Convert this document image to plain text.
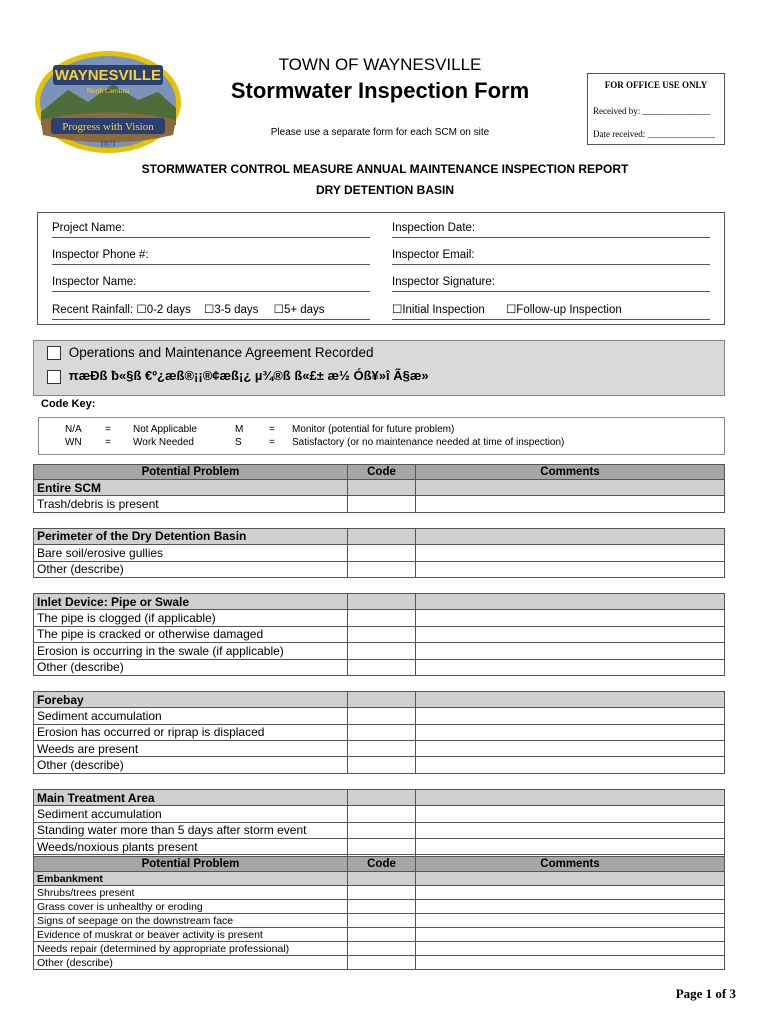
WAYNESVILLE
North Carolina
Progress with Vision
1871
TOWN OF WAYNESVILLE
Stormwater Inspection Form
Please use a separate form for each SCM on site
FOR OFFICE USE ONLY
Received by: _______________
Date received: _______________
STORMWATER CONTROL MEASURE ANNUAL MAINTENANCE INSPECTION REPORT
DRY DETENTION BASIN
Project Name:	Inspection Date:
Inspector Phone #:	Inspector Email:
Inspector Name:	Inspector Signature:
Recent Rainfall: ☐0-2 days ☐3-5 days ☐5+ days	☐Initial Inspection ☐Follow-up Inspection
Operations and Maintenance Agreement Recorded
πæÐß ƀ«§ß €º¿æß®¡¡®¢æß¡¿ µ¾®ß ß«£± æ½ Óß¥»î Ã§æ»
Code Key:
N/A = Not Applicable
WN = Work Needed
M	= Monitor (potential for future problem)
S	= Satisfactory (or no maintenance needed at time of inspection)
Potential Problem	Code	Comments
Entire SCM		
Trash/debris is present		

Perimeter of the Dry Detention Basin		
Bare soil/erosive gullies		
Other (describe)		

Inlet Device: Pipe or Swale		
The pipe is clogged (if applicable)		
The pipe is cracked or otherwise damaged		
Erosion is occurring in the swale (if applicable)		
Other (describe)		

Forebay		
Sediment accumulation		
Erosion has occurred or riprap is displaced		
Weeds are present		
Other (describe)		

Main Treatment Area		
Sediment accumulation		
Standing water more than 5 days after storm event		
Weeds/noxious plants present		

Potential Problem	Code	Comments
Embankment		
Shrubs/trees present		
Grass cover is unhealthy or eroding		
Signs of seepage on the downstream face		
Evidence of muskrat or beaver activity is present		
Needs repair (determined by appropriate professional)		
Other (describe)		
Page 1 of 3
